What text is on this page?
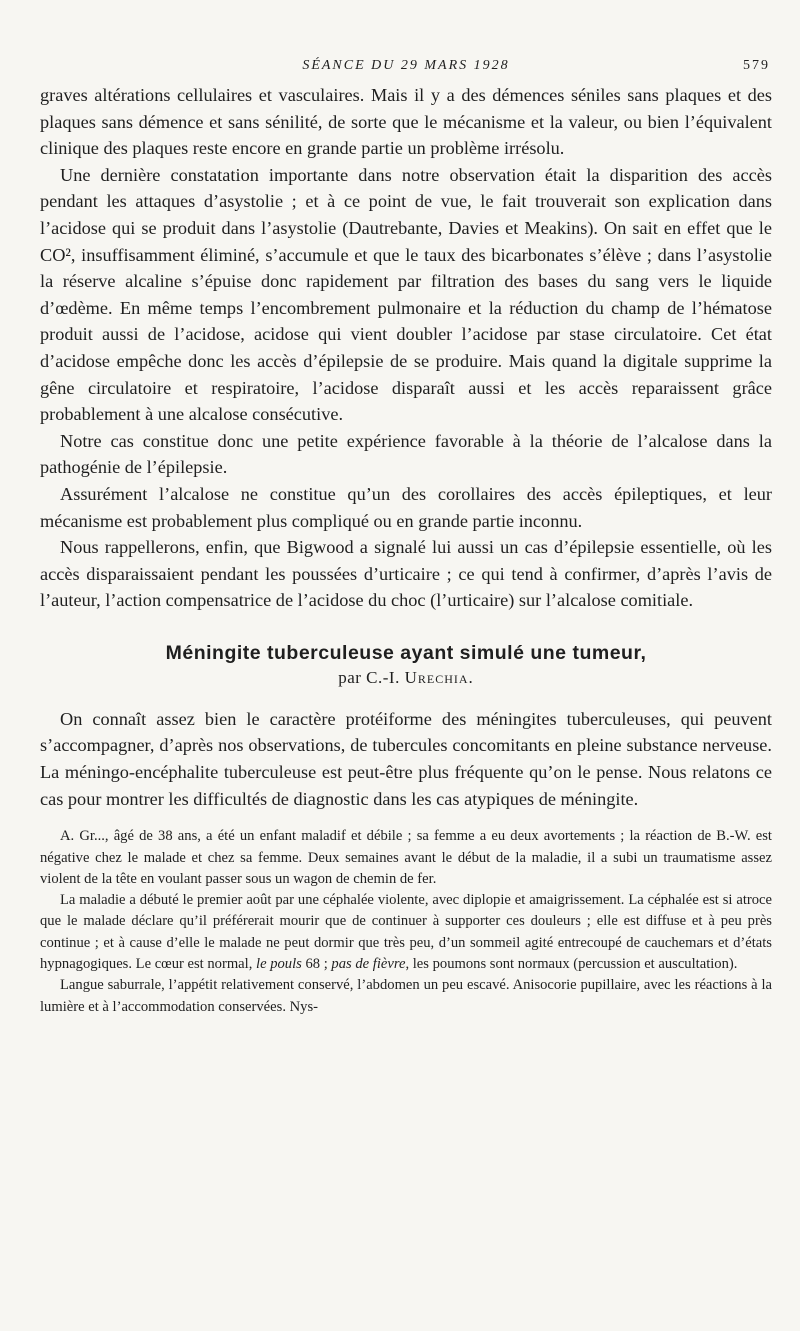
SÉANCE DU 29 MARS 1928	579

graves altérations cellulaires et vasculaires. Mais il y a des démences séniles sans plaques et des plaques sans démence et sans sénilité, de sorte que le mécanisme et la valeur, ou bien l’équivalent clinique des plaques reste encore en grande partie un problème irrésolu.

Une dernière constatation importante dans notre observation était la disparition des accès pendant les attaques d’asystolie ; et à ce point de vue, le fait trouverait son explication dans l’acidose qui se produit dans l’asystolie (Dautrebante, Davies et Meakins). On sait en effet que le CO², insuffisamment éliminé, s’accumule et que le taux des bicarbonates s’élève ; dans l’asystolie la réserve alcaline s’épuise donc rapidement par filtration des bases du sang vers le liquide d’œdème. En même temps l’encombrement pulmonaire et la réduction du champ de l’hématose produit aussi de l’acidose, acidose qui vient doubler l’acidose par stase circulatoire. Cet état d’acidose empêche donc les accès d’épilepsie de se produire. Mais quand la digitale supprime la gêne circulatoire et respiratoire, l’acidose disparaît aussi et les accès reparaissent grâce probablement à une alcalose consécutive.

Notre cas constitue donc une petite expérience favorable à la théorie de l’alcalose dans la pathogénie de l’épilepsie.

Assurément l’alcalose ne constitue qu’un des corollaires des accès épileptiques, et leur mécanisme est probablement plus compliqué ou en grande partie inconnu.

Nous rappellerons, enfin, que Bigwood a signalé lui aussi un cas d’épilepsie essentielle, où les accès disparaissaient pendant les poussées d’urticaire ; ce qui tend à confirmer, d’après l’avis de l’auteur, l’action compensatrice de l’acidose du choc (l’urticaire) sur l’alcalose comitiale.

Méningite tuberculeuse ayant simulé une tumeur,
par C.-I. Urechia.

On connaît assez bien le caractère protéiforme des méningites tuberculeuses, qui peuvent s’accompagner, d’après nos observations, de tubercules concomitants en pleine substance nerveuse. La méningo-encéphalite tuberculeuse est peut-être plus fréquente qu’on le pense. Nous relatons ce cas pour montrer les difficultés de diagnostic dans les cas atypiques de méningite.

A. Gr..., âgé de 38 ans, a été un enfant maladif et débile ; sa femme a eu deux avortements ; la réaction de B.-W. est négative chez le malade et chez sa femme. Deux semaines avant le début de la maladie, il a subi un traumatisme assez violent de la tête en voulant passer sous un wagon de chemin de fer.

La maladie a débuté le premier août par une céphalée violente, avec diplopie et amaigrissement. La céphalée est si atroce que le malade déclare qu’il préférerait mourir que de continuer à supporter ces douleurs ; elle est diffuse et à peu près continue ; et à cause d’elle le malade ne peut dormir que très peu, d’un sommeil agité entrecoupé de cauchemars et d’états hypnagogiques. Le cœur est normal, le pouls 68 ; pas de fièvre, les poumons sont normaux (percussion et auscultation).

Langue saburrale, l’appétit relativement conservé, l’abdomen un peu escavé. Anisocorie pupillaire, avec les réactions à la lumière et à l’accommodation conservées. Nys-
